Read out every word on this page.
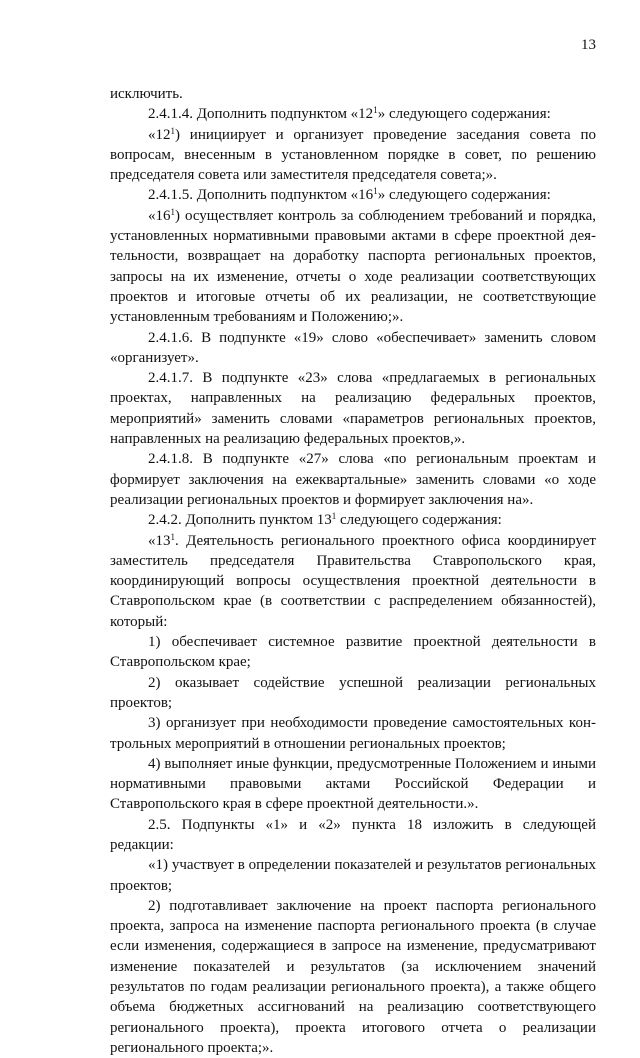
13

исключить.

2.4.1.4. Дополнить подпунктом «$12^1$» следующего содержания:

«$12^1$) инициирует и организует проведение заседания совета по вопросам, внесенным в установленном порядке в совет, по решению председателя совета или заместителя председателя совета;».

2.4.1.5. Дополнить подпунктом «$16^1$» следующего содержания:

«$16^1$) осуществляет контроль за соблюдением требований и порядка, установленных нормативными правовыми актами в сфере проектной деятельности, возвращает на доработку паспорта региональных проектов, запросы на их изменение, отчеты о ходе реализации соответствующих проектов и итоговые отчеты об их реализации, не соответствующие установленным требованиям и Положению;».

2.4.1.6. В подпункте «19» слово «обеспечивает» заменить словом «организует».

2.4.1.7. В подпункте «23» слова «предлагаемых в региональных проектах, направленных на реализацию федеральных проектов, мероприятий» заменить словами «параметров региональных проектов, направленных на реализацию федеральных проектов,».

2.4.1.8. В подпункте «27» слова «по региональным проектам и формирует заключения на ежеквартальные» заменить словами «о ходе реализации региональных проектов и формирует заключения на».

2.4.2. Дополнить пунктом $13^1$ следующего содержания:

«$13^1$. Деятельность регионального проектного офиса координирует заместитель председателя Правительства Ставропольского края, координирующий вопросы осуществления проектной деятельности в Ставропольском крае (в соответствии с распределением обязанностей), который:

1) обеспечивает системное развитие проектной деятельности в Ставропольском крае;

2) оказывает содействие успешной реализации региональных проектов;

3) организует при необходимости проведение самостоятельных контрольных мероприятий в отношении региональных проектов;

4) выполняет иные функции, предусмотренные Положением и иными нормативными правовыми актами Российской Федерации и Ставропольского края в сфере проектной деятельности.».

2.5. Подпункты «1» и «2» пункта 18 изложить в следующей редакции:

«1) участвует в определении показателей и результатов региональных проектов;

2) подготавливает заключение на проект паспорта регионального проекта, запроса на изменение паспорта регионального проекта (в случае если изменения, содержащиеся в запросе на изменение, предусматривают изменение показателей и результатов (за исключением значений результатов по годам реализации регионального проекта), а также общего объема бюджетных ассигнований на реализацию соответствующего регионального проекта), проекта итогового отчета о реализации регионального проекта;».
